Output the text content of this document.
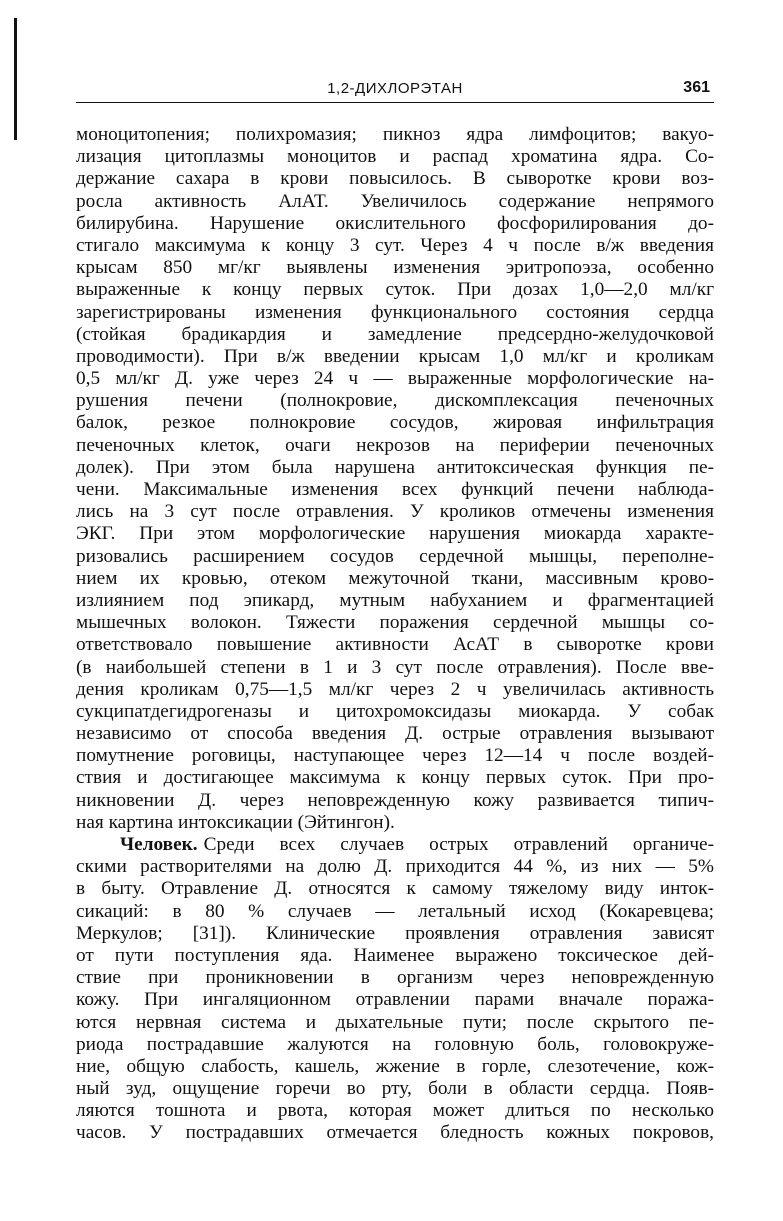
1,2-ДИХЛОРЭТАН	361
моноцитопения; полихромазия; пикноз ядра лимфоцитов; вакуо-
лизация цитоплазмы моноцитов и распад хроматина ядра. Со-
держание сахара в крови повысилось. В сыворотке крови воз-
росла активность АлАТ. Увеличилось содержание непрямого
билирубина. Нарушение окислительного фосфорилирования до-
стигало максимума к концу 3 сут. Через 4 ч после в/ж введения
крысам 850 мг/кг выявлены изменения эритропоэза, особенно
выраженные к концу первых суток. При дозах 1,0—2,0 мл/кг
зарегистрированы изменения функционального состояния сердца
(стойкая брадикардия и замедление предсердно-желудочковой
проводимости). При в/ж введении крысам 1,0 мл/кг и кроликам
0,5 мл/кг Д. уже через 24 ч — выраженные морфологические на-
рушения печени (полнокровие, дискомплексация печеночных
балок, резкое полнокровие сосудов, жировая инфильтрация
печеночных клеток, очаги некрозов на периферии печеночных
долек). При этом была нарушена антитоксическая функция пе-
чени. Максимальные изменения всех функций печени наблюда-
лись на 3 сут после отравления. У кроликов отмечены изменения
ЭКГ. При этом морфологические нарушения миокарда характе-
ризовались расширением сосудов сердечной мышцы, переполне-
нием их кровью, отеком межуточной ткани, массивным крово-
излиянием под эпикард, мутным набуханием и фрагментацией
мышечных волокон. Тяжести поражения сердечной мышцы со-
ответствовало повышение активности АсАТ в сыворотке крови
(в наибольшей степени в 1 и 3 сут после отравления). После вве-
дения кроликам 0,75—1,5 мл/кг через 2 ч увеличилась активность
сукципатдегидрогеназы и цитохромоксидазы миокарда. У собак
независимо от способа введения Д. острые отравления вызывают
помутнение роговицы, наступающее через 12—14 ч после воздей-
ствия и достигающее максимума к концу первых суток. При про-
никновении Д. через неповрежденную кожу развивается типич-
ная картина интоксикации (Эйтингон).
Человек. Среди всех случаев острых отравлений органиче-
скими растворителями на долю Д. приходится 44 %, из них — 5%
в быту. Отравление Д. относятся к самому тяжелому виду инток-
сикаций: в 80 % случаев — летальный исход (Кокаревцева;
Меркулов; [31]). Клинические проявления отравления зависят
от пути поступления яда. Наименее выражено токсическое дей-
ствие при проникновении в организм через неповрежденную
кожу. При ингаляционном отравлении парами вначале поража-
ются нервная система и дыхательные пути; после скрытого пе-
риода пострадавшие жалуются на головную боль, головокруже-
ние, общую слабость, кашель, жжение в горле, слезотечение, кож-
ный зуд, ощущение горечи во рту, боли в области сердца. Появ-
ляются тошнота и рвота, которая может длиться по несколько
часов. У пострадавших отмечается бледность кожных покровов,
